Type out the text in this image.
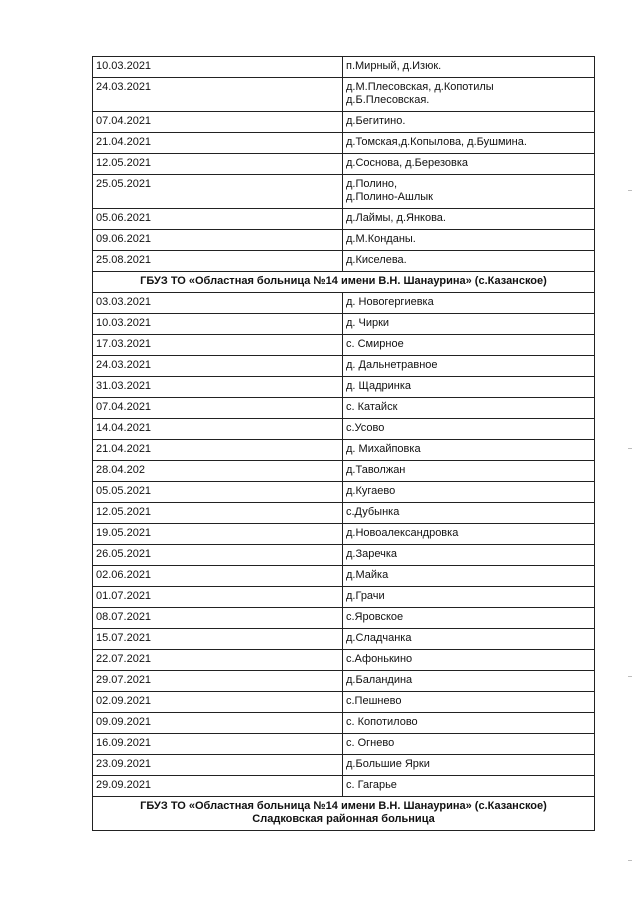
10.03.2021	п.Мирный, д.Изюк.
24.03.2021	д.М.Плесовская, д.Копотилы
д.Б.Плесовская.
07.04.2021	д.Бегитино.
21.04.2021	д.Томская,д.Копылова, д.Бушмина.
12.05.2021	д.Соснова, д.Березовка
25.05.2021	д.Полино,
д.Полино-Ашлык
05.06.2021	д.Лаймы, д.Янкова.
09.06.2021	д.М.Конданы.
25.08.2021	д.Киселева.
ГБУЗ ТО «Областная больница №14 имени В.Н. Шанаурина» (с.Казанское)	
03.03.2021	д. Новогергиевка
10.03.2021	д. Чирки
17.03.2021	с. Смирное
24.03.2021	д. Дальнетравное
31.03.2021	д. Щадринка
07.04.2021	с. Катайск
14.04.2021	с.Усово
21.04.2021	д. Михайповка
28.04.202	д.Таволжан
05.05.2021	д.Кугаево
12.05.2021	с.Дубынка
19.05.2021	д.Новоалександровка
26.05.2021	д.Заречка
02.06.2021	д.Майка
01.07.2021	д.Грачи
08.07.2021	с.Яровское
15.07.2021	д.Сладчанка
22.07.2021	с.Афонькино
29.07.2021	д.Баландина
02.09.2021	с.Пешнево
09.09.2021	с. Копотилово
16.09.2021	с. Огнево
23.09.2021	д.Большие Ярки
29.09.2021	с. Гагарье
ГБУЗ ТО «Областная больница №14 имени В.Н. Шанаурина» (с.Казанское)
Сладковская районная больница	
